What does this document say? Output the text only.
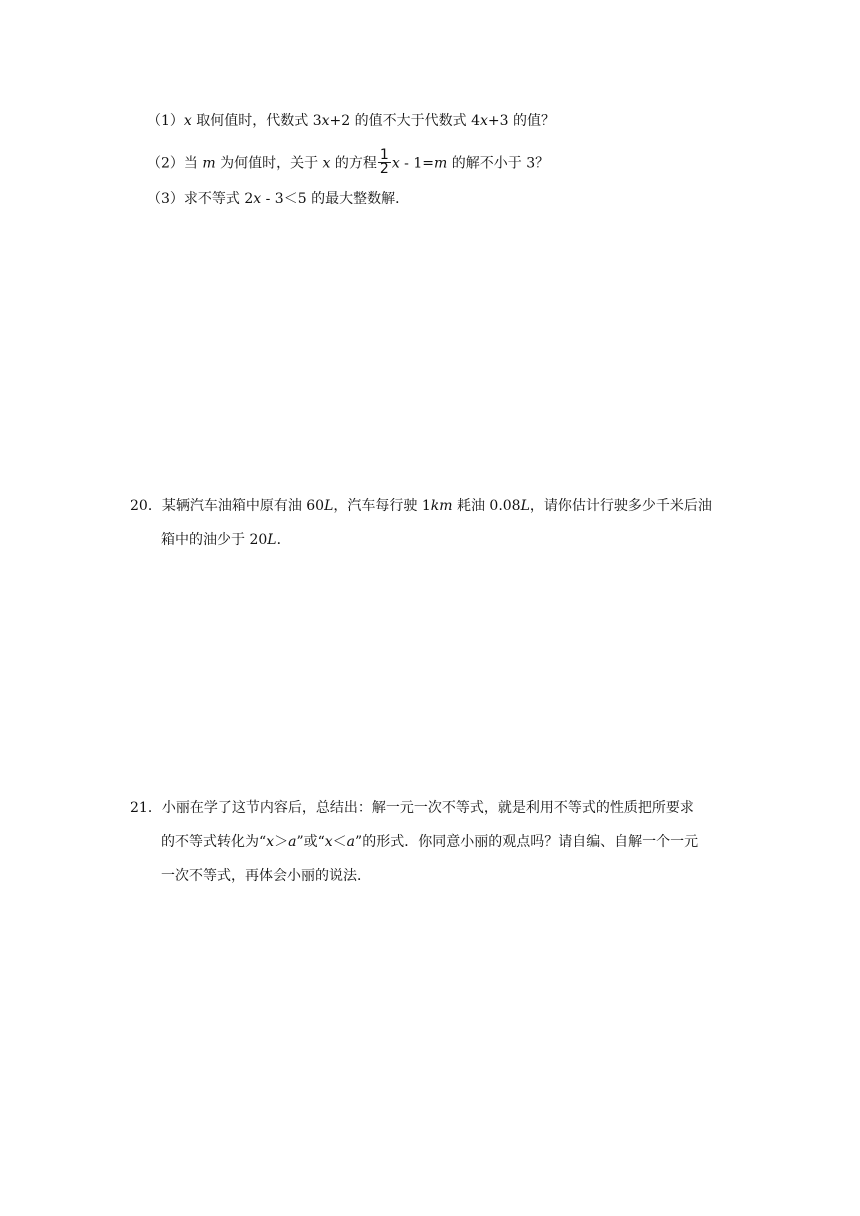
（1）x 取何值时，代数式 3x+2 的值不大于代数式 4x+3 的值？
（2）当 m 为何值时，关于 x 的方程 $\frac{1}{2}$ x - 1=m 的解不小于 3？
（3）求不等式 2x - 3＜5 的最大整数解．
20．某辆汽车油箱中原有油 60L，汽车每行驶 1km 耗油 0.08L，请你估计行驶多少千米后油
箱中的油少于 20L．
21．小丽在学了这节内容后，总结出：解一元一次不等式，就是利用不等式的性质把所要求
的不等式转化为“x＞a”或“x＜a”的形式．你同意小丽的观点吗？请自编、自解一个一元
一次不等式，再体会小丽的说法．
